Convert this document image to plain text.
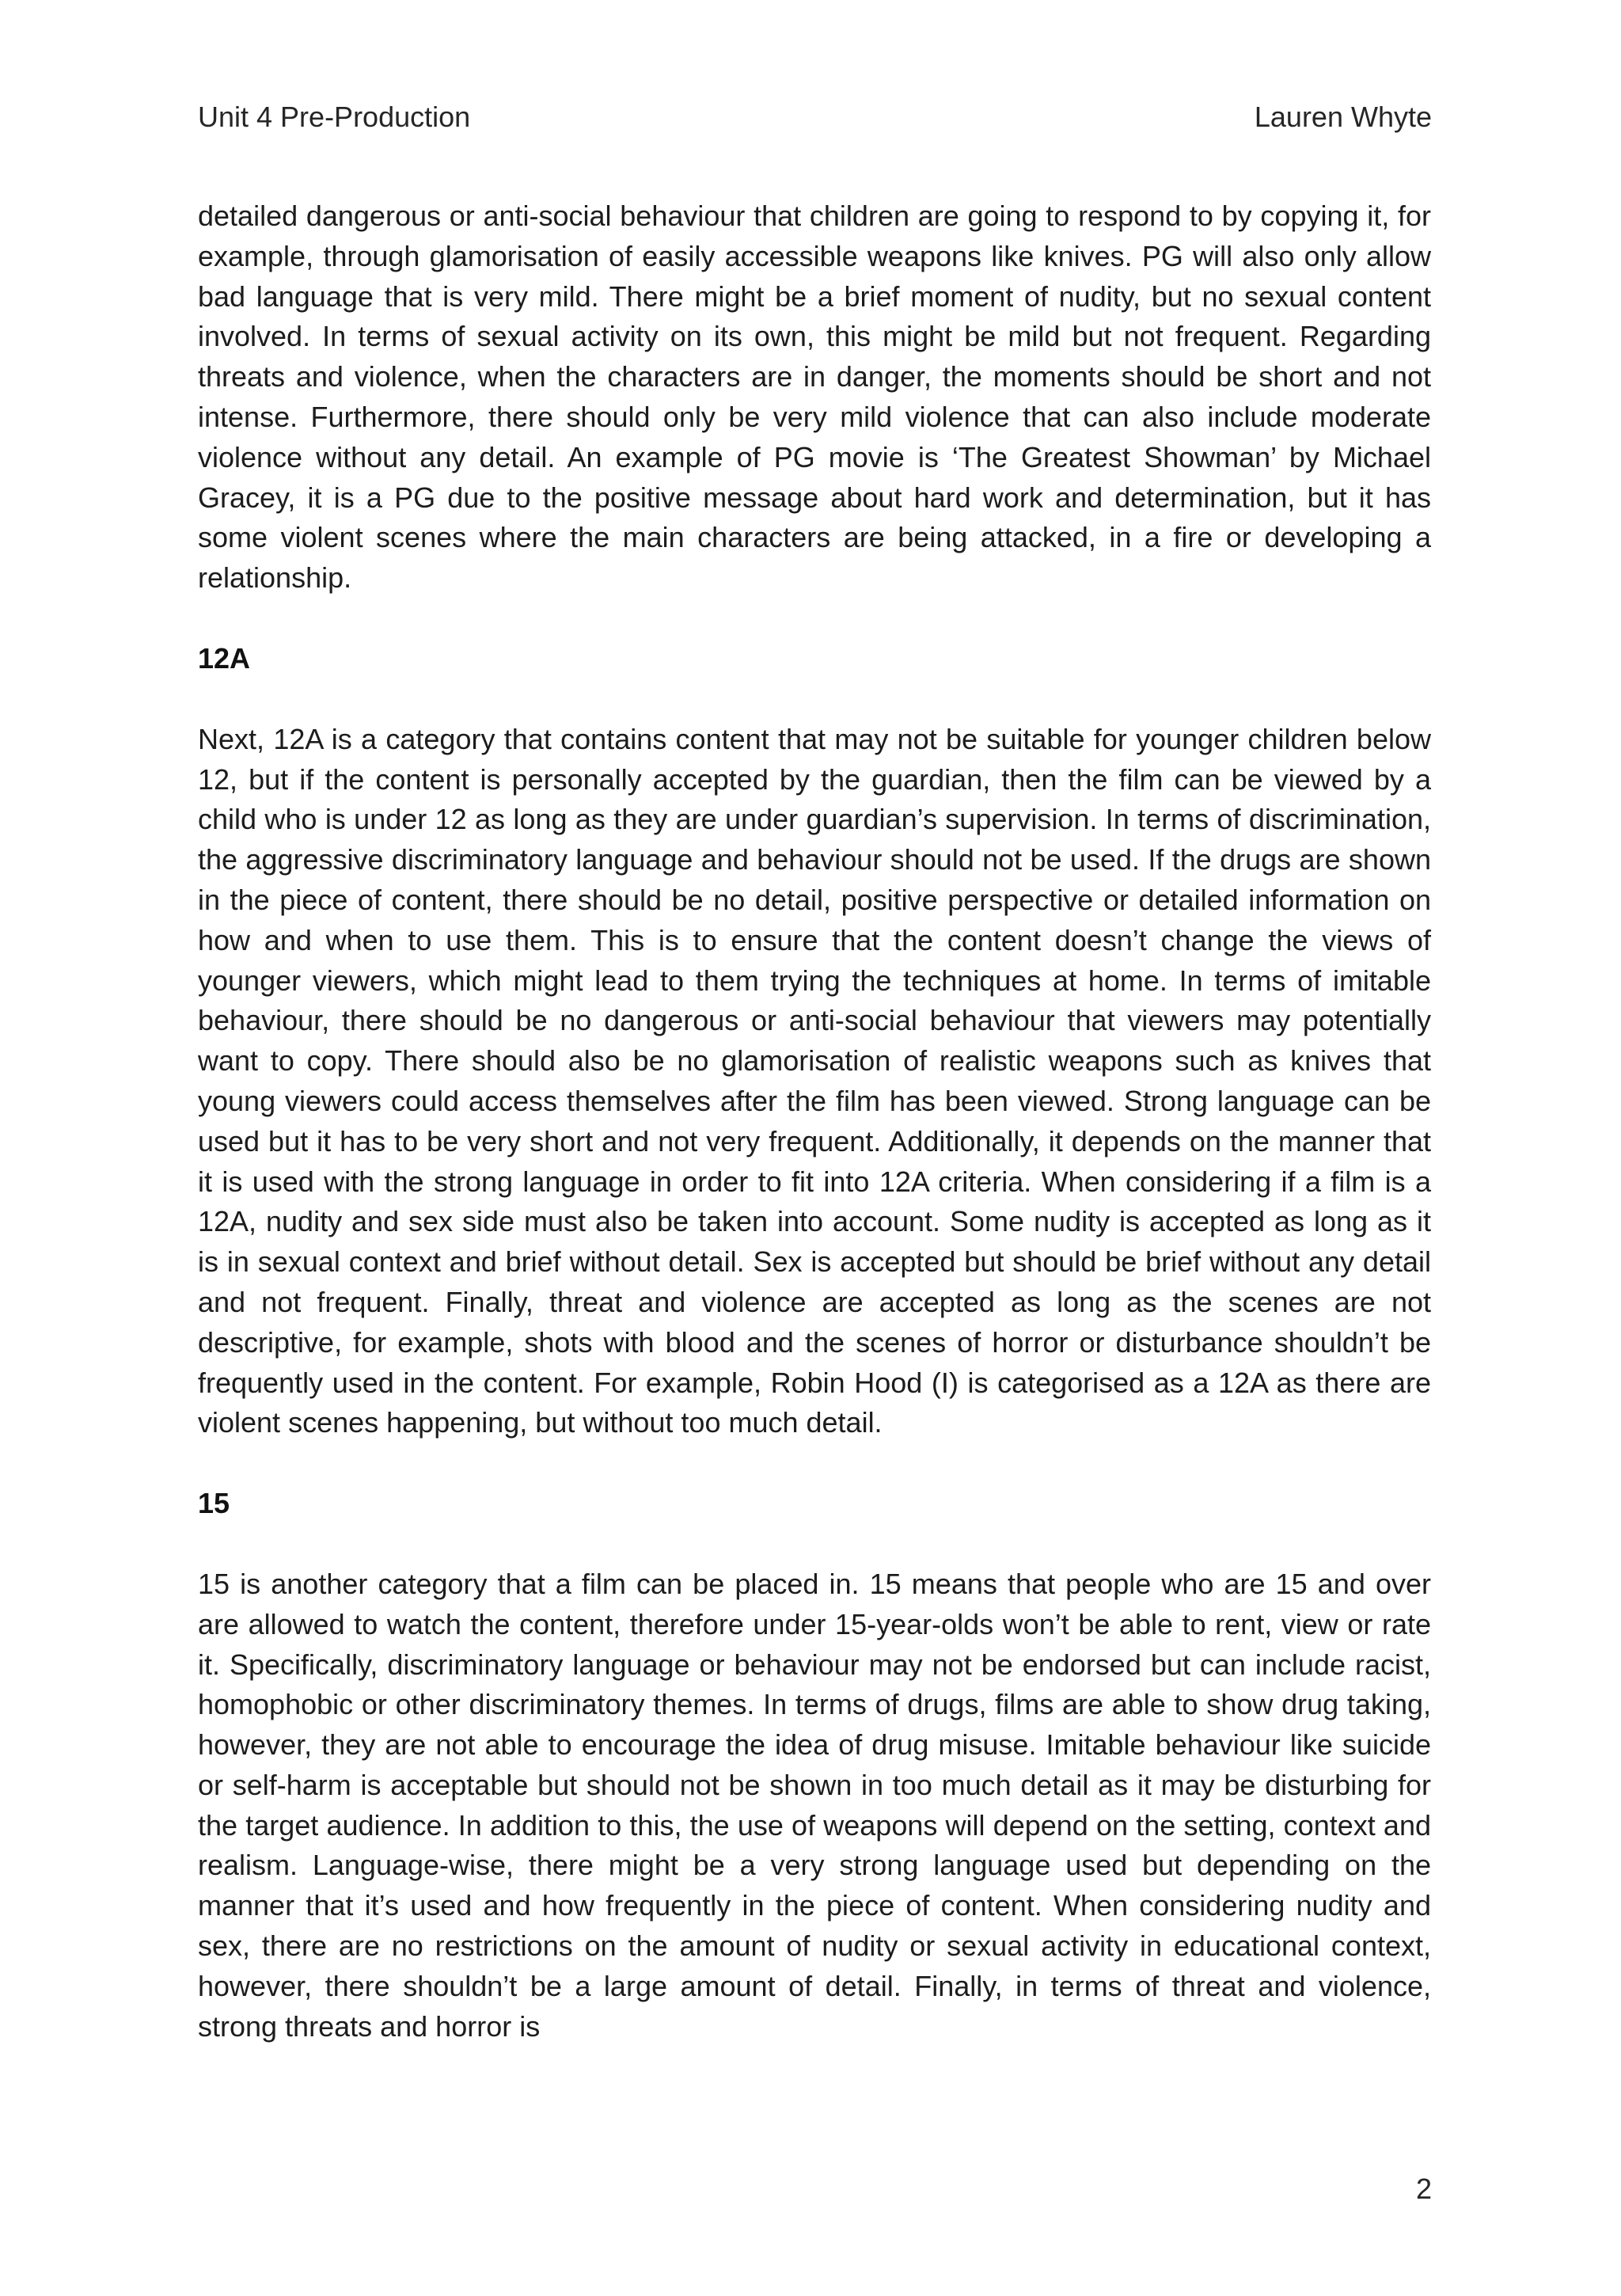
Unit 4 Pre-Production	Lauren Whyte

detailed dangerous or anti-social behaviour that children are going to respond to by copying it, for example, through glamorisation of easily accessible weapons like knives. PG will also only allow bad language that is very mild. There might be a brief moment of nudity, but no sexual content involved. In terms of sexual activity on its own, this might be mild but not frequent. Regarding threats and violence, when the characters are in danger, the moments should be short and not intense. Furthermore, there should only be very mild violence that can also include moderate violence without any detail. An example of PG movie is ‘The Greatest Showman’ by Michael Gracey, it is a PG due to the positive message about hard work and determination, but it has some violent scenes where the main characters are being attacked, in a fire or developing a relationship.

12A

Next, 12A is a category that contains content that may not be suitable for younger children below 12, but if the content is personally accepted by the guardian, then the film can be viewed by a child who is under 12 as long as they are under guardian’s supervision. In terms of discrimination, the aggressive discriminatory language and behaviour should not be used. If the drugs are shown in the piece of content, there should be no detail, positive perspective or detailed information on how and when to use them. This is to ensure that the content doesn’t change the views of younger viewers, which might lead to them trying the techniques at home. In terms of imitable behaviour, there should be no dangerous or anti-social behaviour that viewers may potentially want to copy. There should also be no glamorisation of realistic weapons such as knives that young viewers could access themselves after the film has been viewed. Strong language can be used but it has to be very short and not very frequent. Additionally, it depends on the manner that it is used with the strong language in order to fit into 12A criteria. When considering if a film is a 12A, nudity and sex side must also be taken into account. Some nudity is accepted as long as it is in sexual context and brief without detail. Sex is accepted but should be brief without any detail and not frequent. Finally, threat and violence are accepted as long as the scenes are not descriptive, for example, shots with blood and the scenes of horror or disturbance shouldn’t be frequently used in the content. For example, Robin Hood (I) is categorised as a 12A as there are violent scenes happening, but without too much detail.

15

15 is another category that a film can be placed in. 15 means that people who are 15 and over are allowed to watch the content, therefore under 15-year-olds won’t be able to rent, view or rate it. Specifically, discriminatory language or behaviour may not be endorsed but can include racist, homophobic or other discriminatory themes. In terms of drugs, films are able to show drug taking, however, they are not able to encourage the idea of drug misuse. Imitable behaviour like suicide or self-harm is acceptable but should not be shown in too much detail as it may be disturbing for the target audience. In addition to this, the use of weapons will depend on the setting, context and realism. Language-wise, there might be a very strong language used but depending on the manner that it’s used and how frequently in the piece of content. When considering nudity and sex, there are no restrictions on the amount of nudity or sexual activity in educational context, however, there shouldn’t be a large amount of detail. Finally, in terms of threat and violence, strong threats and horror is

2
